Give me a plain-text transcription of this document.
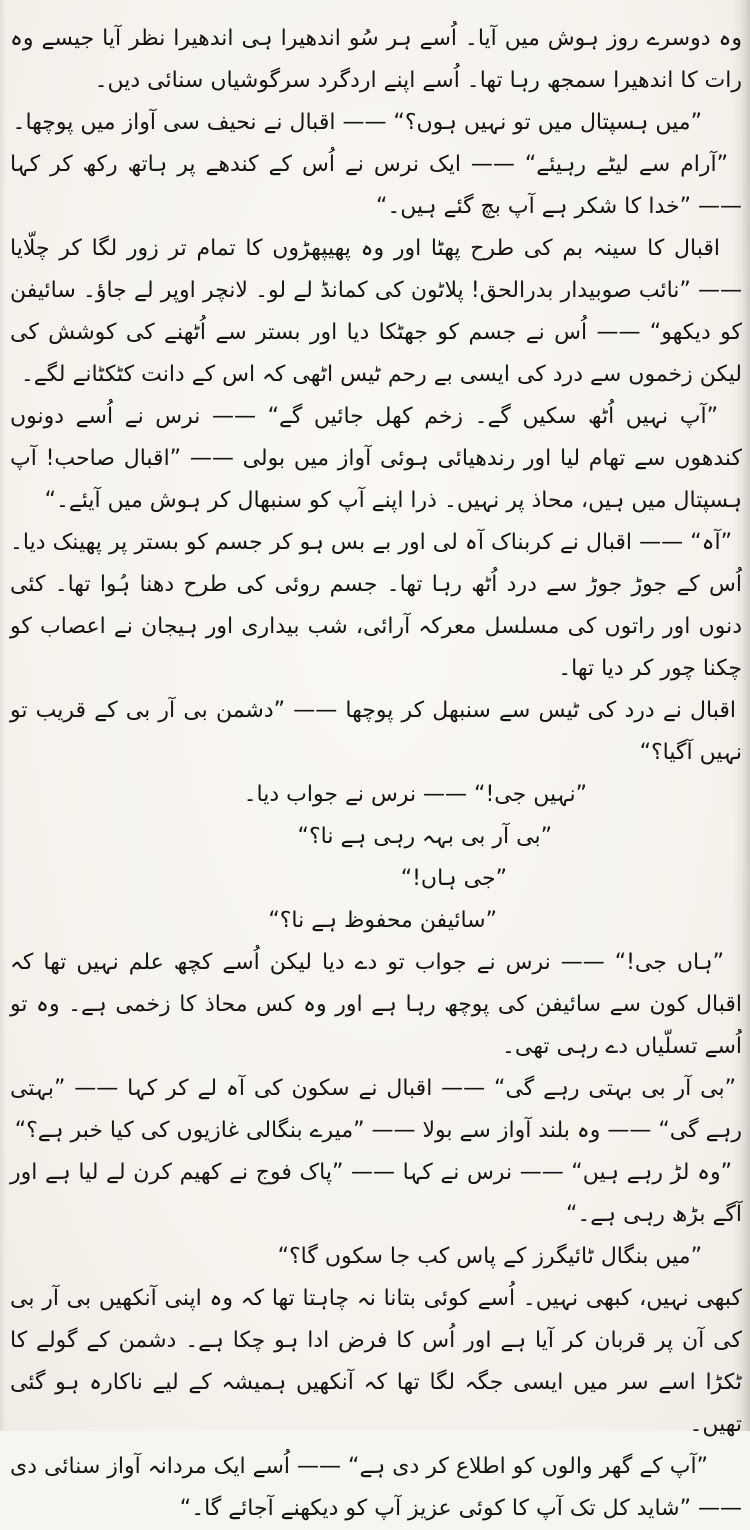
وہ دوسرے روز ہوش میں آیا۔ اُسے ہر سُو اندھیرا ہی اندھیرا نظر آیا جیسے وہ رات کا اندھیرا سمجھ رہا تھا۔ اُسے اپنے اردگرد سرگوشیاں سنائی دیں۔

”میں ہسپتال میں تو نہیں ہوں؟“ —— اقبال نے نحیف سی آواز میں پوچھا۔

”آرام سے لیٹے رہیئے“ —— ایک نرس نے اُس کے کندھے پر ہاتھ رکھ کر کہا —— ”خدا کا شکر ہے آپ بچ گئے ہیں۔“

اقبال کا سینہ بم کی طرح پھٹا اور وہ پھیپھڑوں کا تمام تر زور لگا کر چلّایا —— ”نائب صوبیدار بدرالحق! پلاٹون کی کمانڈ لے لو۔ لانچر اوپر لے جاؤ۔ سائیفن کو دیکھو“ —— اُس نے جسم کو جھٹکا دیا اور بستر سے اُٹھنے کی کوشش کی لیکن زخموں سے درد کی ایسی بے رحم ٹیس اٹھی کہ اس کے دانت کٹکٹانے لگے۔

”آپ نہیں اُٹھ سکیں گے۔ زخم کھل جائیں گے“ —— نرس نے اُسے دونوں کندھوں سے تھام لیا اور رندھیائی ہوئی آواز میں بولی —— ”اقبال صاحب! آپ ہسپتال میں ہیں، محاذ پر نہیں۔ ذرا اپنے آپ کو سنبھال کر ہوش میں آیئے۔“

”آہ“ —— اقبال نے کربناک آہ لی اور بے بس ہو کر جسم کو بستر پر پھینک دیا۔ اُس کے جوڑ جوڑ سے درد اُٹھ رہا تھا۔ جسم روئی کی طرح دھنا ہُوا تھا۔ کئی دنوں اور راتوں کی مسلسل معرکہ آرائی، شب بیداری اور ہیجان نے اعصاب کو چکنا چور کر دیا تھا۔

اقبال نے درد کی ٹیس سے سنبھل کر پوچھا —— ”دشمن بی آر بی کے قریب تو نہیں آگیا؟“

”نہیں جی!“ —— نرس نے جواب دیا۔

”بی آر بی بہہ رہی ہے نا؟“

”جی ہاں!“

”سائیفن محفوظ ہے نا؟“

”ہاں جی!“ —— نرس نے جواب تو دے دیا لیکن اُسے کچھ علم نہیں تھا کہ اقبال کون سے سائیفن کی پوچھ رہا ہے اور وہ کس محاذ کا زخمی ہے۔ وہ تو اُسے تسلّیاں دے رہی تھی۔

”بی آر بی بہتی رہے گی“ —— اقبال نے سکون کی آہ لے کر کہا —— ”بہتی رہے گی“ —— وہ بلند آواز سے بولا —— ”میرے بنگالی غازیوں کی کیا خبر ہے؟“

”وہ لڑ رہے ہیں“ —— نرس نے کہا —— ”پاک فوج نے کھیم کرن لے لیا ہے اور آگے بڑھ رہی ہے۔“

”میں بنگال ٹائیگرز کے پاس کب جا سکوں گا؟“

کبھی نہیں، کبھی نہیں۔ اُسے کوئی بتانا نہ چاہتا تھا کہ وہ اپنی آنکھیں بی آر بی کی آن پر قربان کر آیا ہے اور اُس کا فرض ادا ہو چکا ہے۔ دشمن کے گولے کا ٹکڑا اسے سر میں ایسی جگہ لگا تھا کہ آنکھیں ہمیشہ کے لیے ناکارہ ہو گئی تھیں۔

”آپ کے گھر والوں کو اطلاع کر دی ہے“ —— اُسے ایک مردانہ آواز سنائی دی —— ”شاید کل تک آپ کا کوئی عزیز آپ کو دیکھنے آجائے گا۔“
